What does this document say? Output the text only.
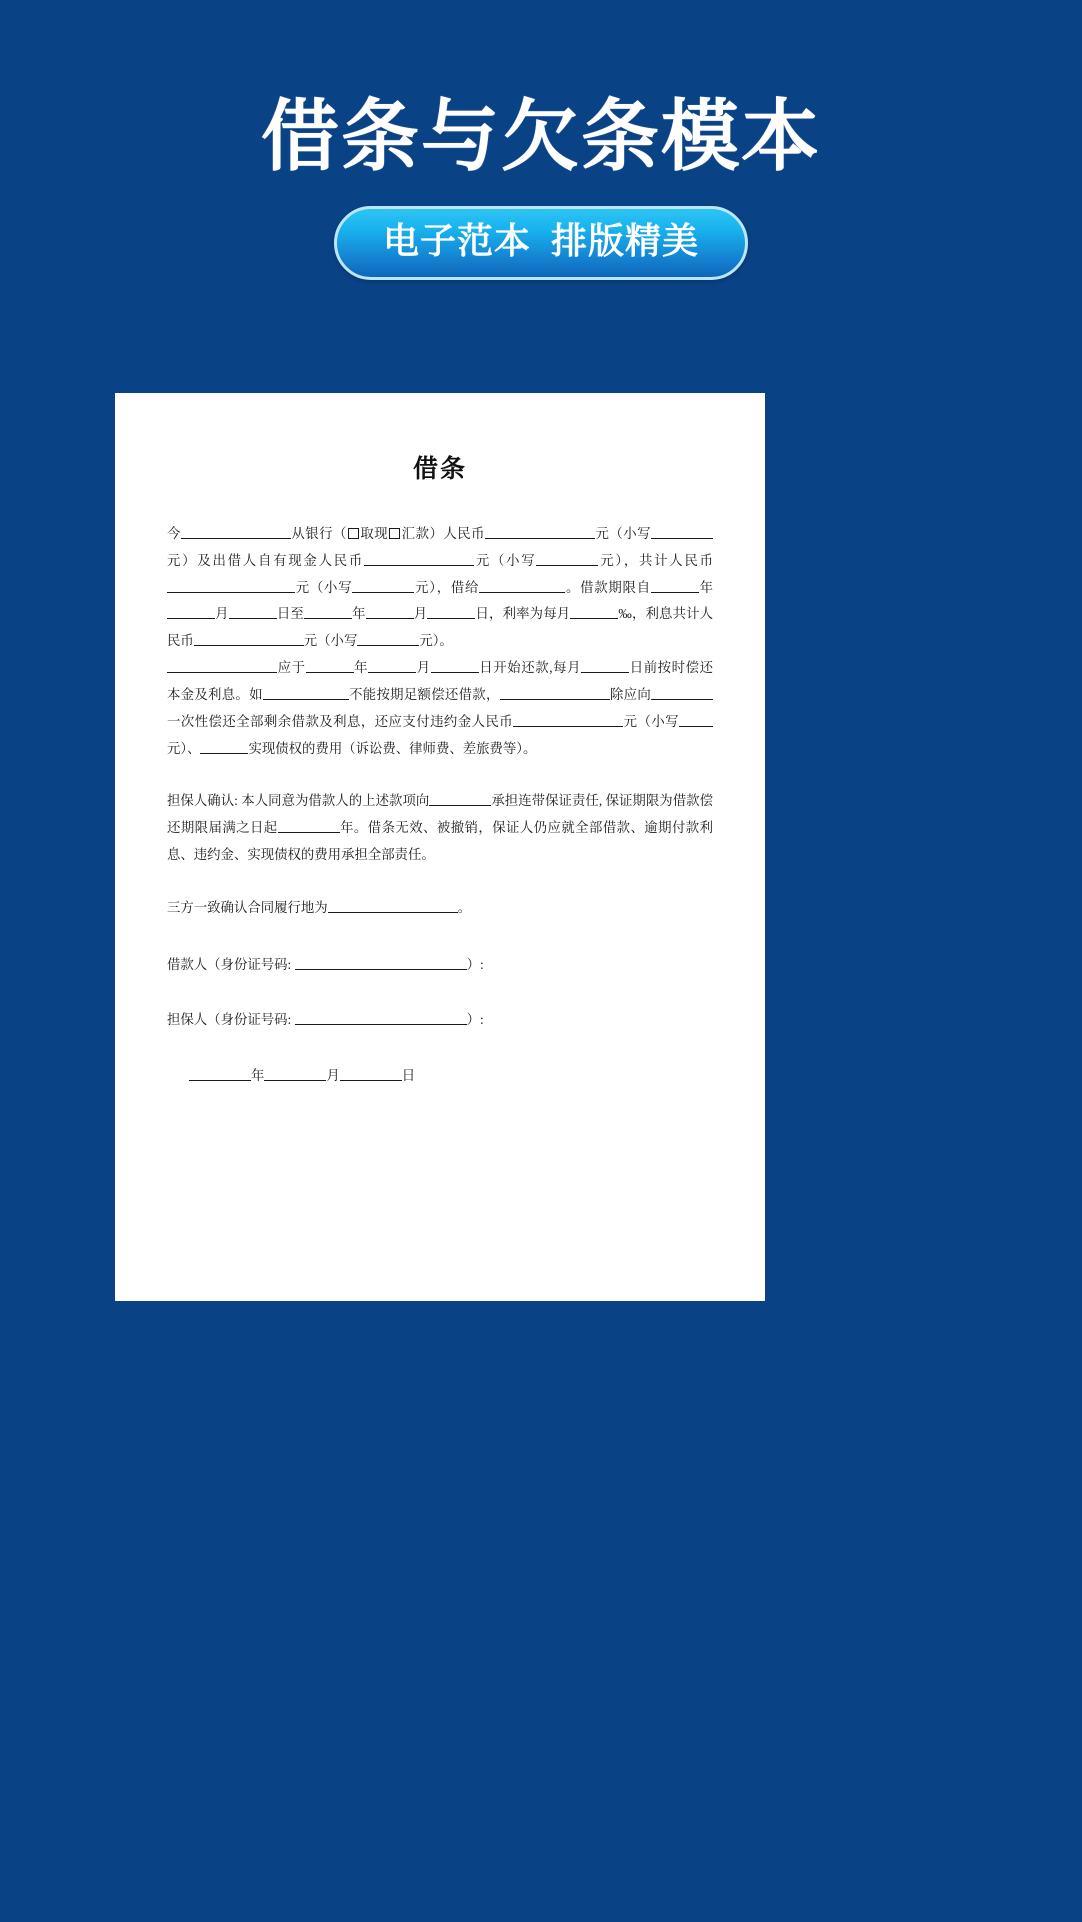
借条与欠条模本
电子范本  排版精美
借条
今	从银行（ 取现 汇款）人民币	元（小写元）及出借人自有现金人民币	元（小写	元），共计人民币元（小写	元），借给	。借款期限自	年月	日至	年	月	日，利率为每月	‰，利息共计人民币	元（小写	元）。
应于	年	月	日开始还款,每月	日前按时偿还本金及利息。如	不能按期足额偿还借款，	除应向一次性偿还全部剩余借款及利息，还应支付违约金人民币	元（小写元）、	实现债权的费用（诉讼费、律师费、差旅费等）。
担保人确认: 本人同意为借款人的上述款项向	承担连带保证责任, 保证期限为借款偿还期限届满之日起	年。借条无效、被撤销，保证人仍应就全部借款、逾期付款利息、违约金、实现债权的费用承担全部责任。
三方一致确认合同履行地为	。
借款人（身份证号码:	）:
担保人（身份证号码:	）:
年	月	日
